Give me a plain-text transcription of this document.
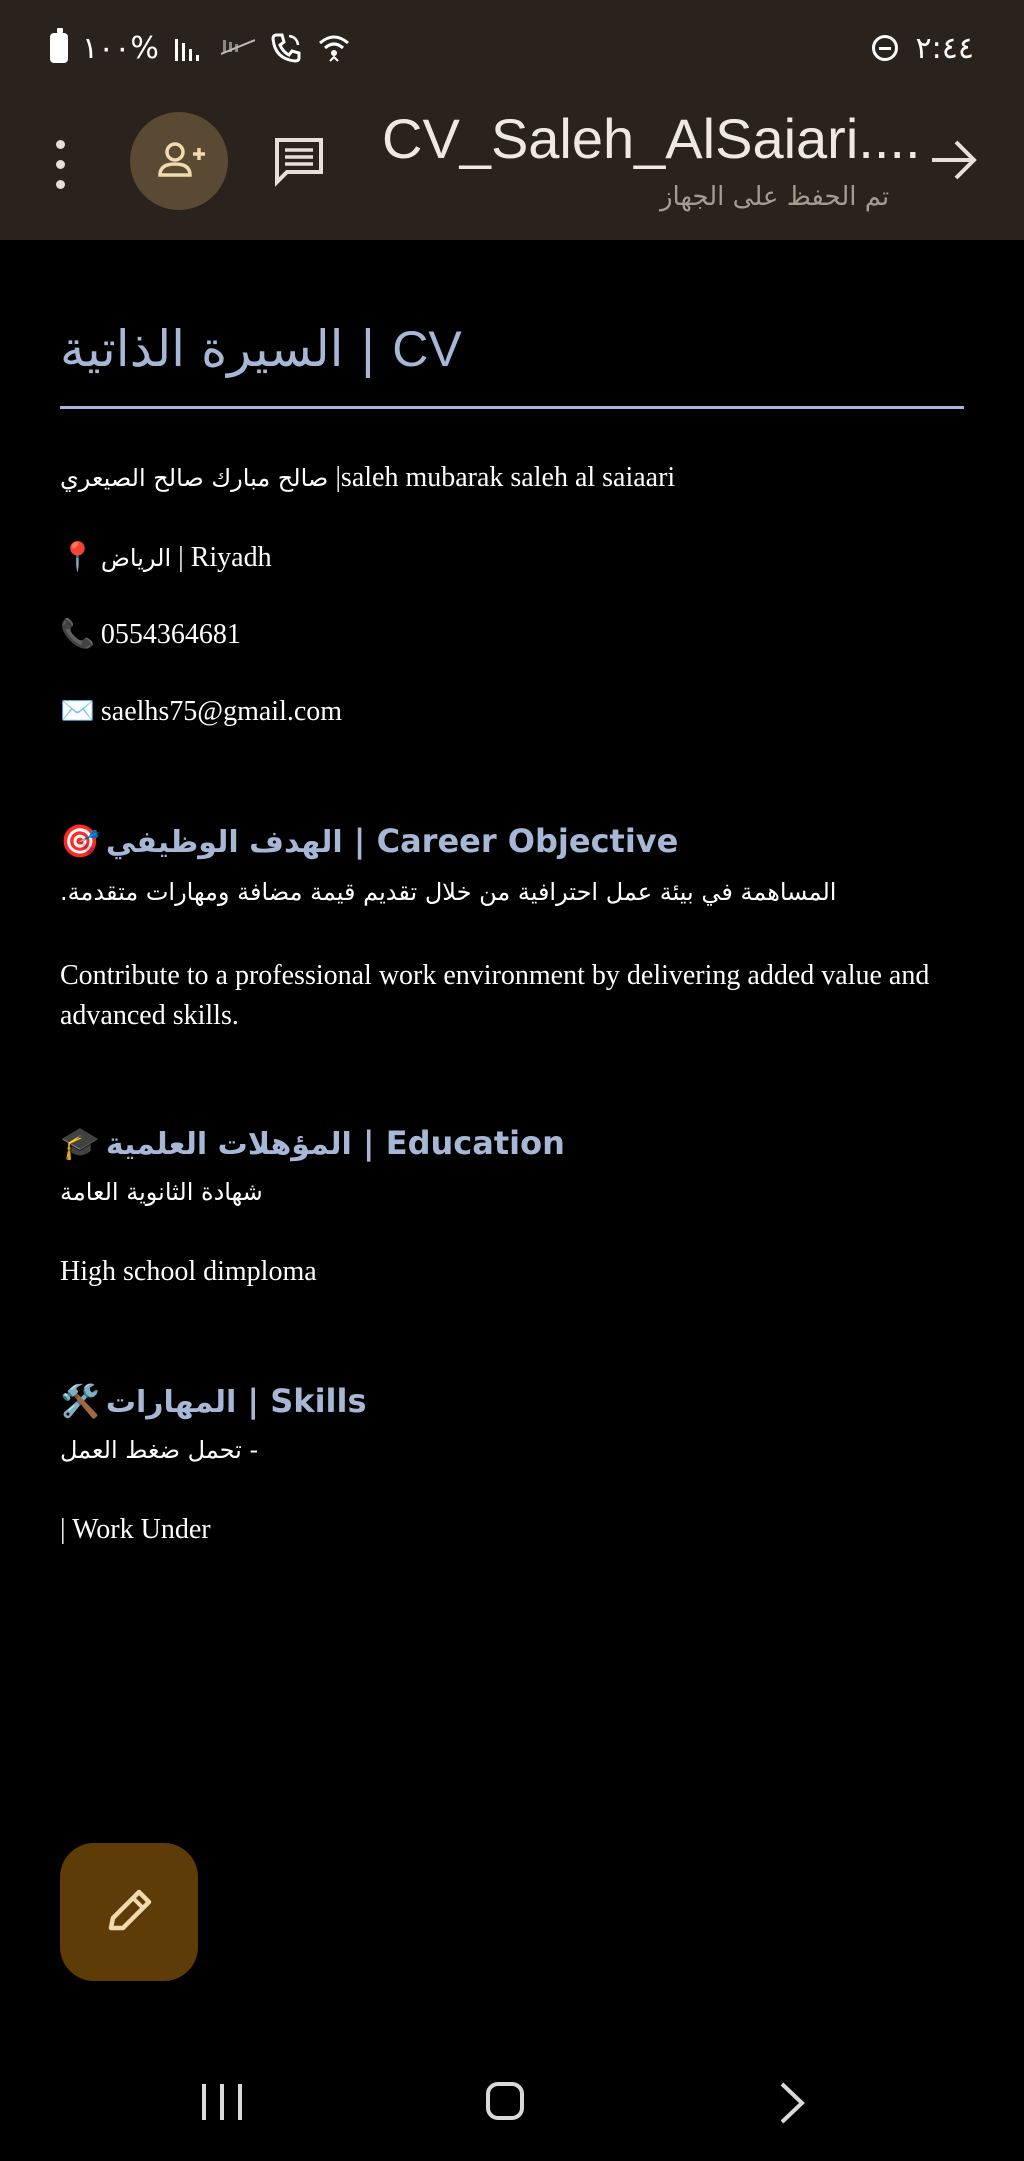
%١٠٠	٢:٤٤
CV_Saleh_AlSaiari....
تم الحفظ على الجهاز
السيرة الذاتية | CV
صالح مبارك صالح الصيعري |saleh mubarak saleh al saiaari
📍 الرياض | Riyadh
📞 0554364681
✉️ saelhs75@gmail.com
🎯 الهدف الوظيفي | Career Objective
المساهمة في بيئة عمل احترافية من خلال تقديم قيمة مضافة ومهارات متقدمة.
Contribute to a professional work environment by delivering added value and advanced skills.
🎓 المؤهلات العلمية | Education
شهادة الثانوية العامة
High school dimploma
🛠️ المهارات | Skills
- تحمل ضغط العمل
| Work Under
